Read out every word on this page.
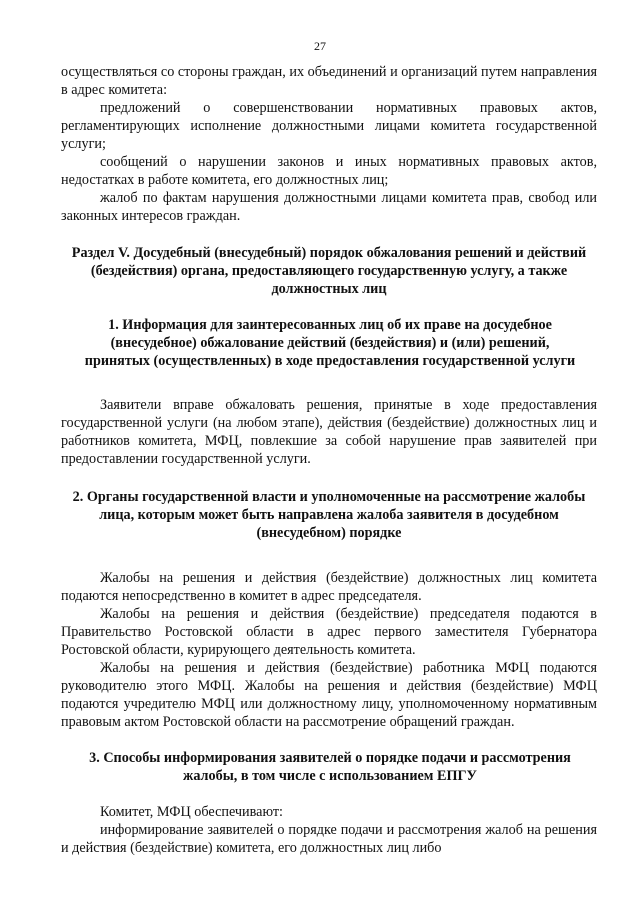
27

осуществляться со стороны граждан, их объединений и организаций путем направления в адрес комитета:

предложений о совершенствовании нормативных правовых актов, регламентирующих исполнение должностными лицами комитета государственной услуги;

сообщений о нарушении законов и иных нормативных правовых актов, недостатках в работе комитета, его должностных лиц;

жалоб по фактам нарушения должностными лицами комитета прав, свобод или законных интересов граждан.

Раздел V. Досудебный (внесудебный) порядок обжалования решений и действий (бездействия) органа, предоставляющего государственную услугу, а также должностных лиц
1. Информация для заинтересованных лиц об их праве на досудебное (внесудебное) обжалование действий (бездействия) и (или) решений, принятых (осуществленных) в ходе предоставления государственной услуги

Заявители вправе обжаловать решения, принятые в ходе предоставления государственной услуги (на любом этапе), действия (бездействие) должностных лиц и работников комитета, МФЦ, повлекшие за собой нарушение прав заявителей при предоставлении государственной услуги.

2. Органы государственной власти и уполномоченные на рассмотрение жалобы лица, которым может быть направлена жалоба заявителя в досудебном (внесудебном) порядке

Жалобы на решения и действия (бездействие) должностных лиц комитета подаются непосредственно в комитет в адрес председателя.

Жалобы на решения и действия (бездействие) председателя подаются в Правительство Ростовской области в адрес первого заместителя Губернатора Ростовской области, курирующего деятельность комитета.

Жалобы на решения и действия (бездействие) работника МФЦ подаются руководителю этого МФЦ. Жалобы на решения и действия (бездействие) МФЦ подаются учредителю МФЦ или должностному лицу, уполномоченному нормативным правовым актом Ростовской области на рассмотрение обращений граждан.

3. Способы информирования заявителей о порядке подачи и рассмотрения жалобы, в том числе с использованием ЕПГУ

Комитет, МФЦ обеспечивают:

информирование заявителей о порядке подачи и рассмотрения жалоб на решения и действия (бездействие) комитета, его должностных лиц либо
